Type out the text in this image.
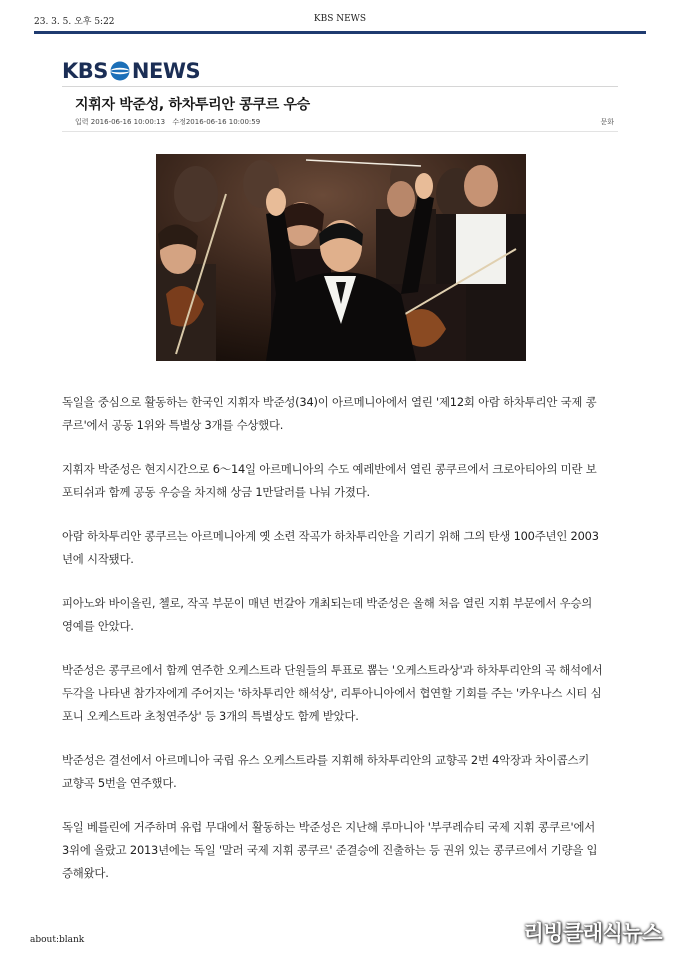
23. 3. 5. 오후 5:22	KBS NEWS
KBS NEWS
지휘자 박준성, 하차투리안 콩쿠르 우승
입력 2016-06-16 10:00:13 수정2016-06-16 10:00:59	문화
독일을 중심으로 활동하는 한국인 지휘자 박준성(34)이 아르메니아에서 열린 '제12회 아람 하차투리안 국제 콩
쿠르'에서 공동 1위와 특별상 3개를 수상했다.
지휘자 박준성은 현지시간으로 6～14일 아르메니아의 수도 예레반에서 열린 콩쿠르에서 크로아티아의 미란 보
포티쉬과 함께 공동 우승을 차지해 상금 1만달러를 나눠 가졌다.
아람 하차투리안 콩쿠르는 아르메니아계 옛 소련 작곡가 하차투리안을 기리기 위해 그의 탄생 100주년인 2003
년에 시작됐다.
피아노와 바이올린, 첼로, 작곡 부문이 매년 번갈아 개최되는데 박준성은 올해 처음 열린 지휘 부문에서 우승의
영예를 안았다.
박준성은 콩쿠르에서 함께 연주한 오케스트라 단원들의 투표로 뽑는 '오케스트라상'과 하차투리안의 곡 해석에서
두각을 나타낸 참가자에게 주어지는 '하차투리안 해석상', 리투아니아에서 협연할 기회를 주는 '카우나스 시티 심
포니 오케스트라 초청연주상' 등 3개의 특별상도 함께 받았다.
박준성은 결선에서 아르메니아 국립 유스 오케스트라를 지휘해 하차투리안의 교향곡 2번 4악장과 차이콥스키
교향곡 5번을 연주했다.
독일 베를린에 거주하며 유럽 무대에서 활동하는 박준성은 지난해 루마니아 '부쿠레슈티 국제 지휘 콩쿠르'에서
3위에 올랐고 2013년에는 독일 '말러 국제 지휘 콩쿠르' 준결승에 진출하는 등 권위 있는 콩쿠르에서 기량을 입
증해왔다.
about:blank	리빙클래식뉴스
